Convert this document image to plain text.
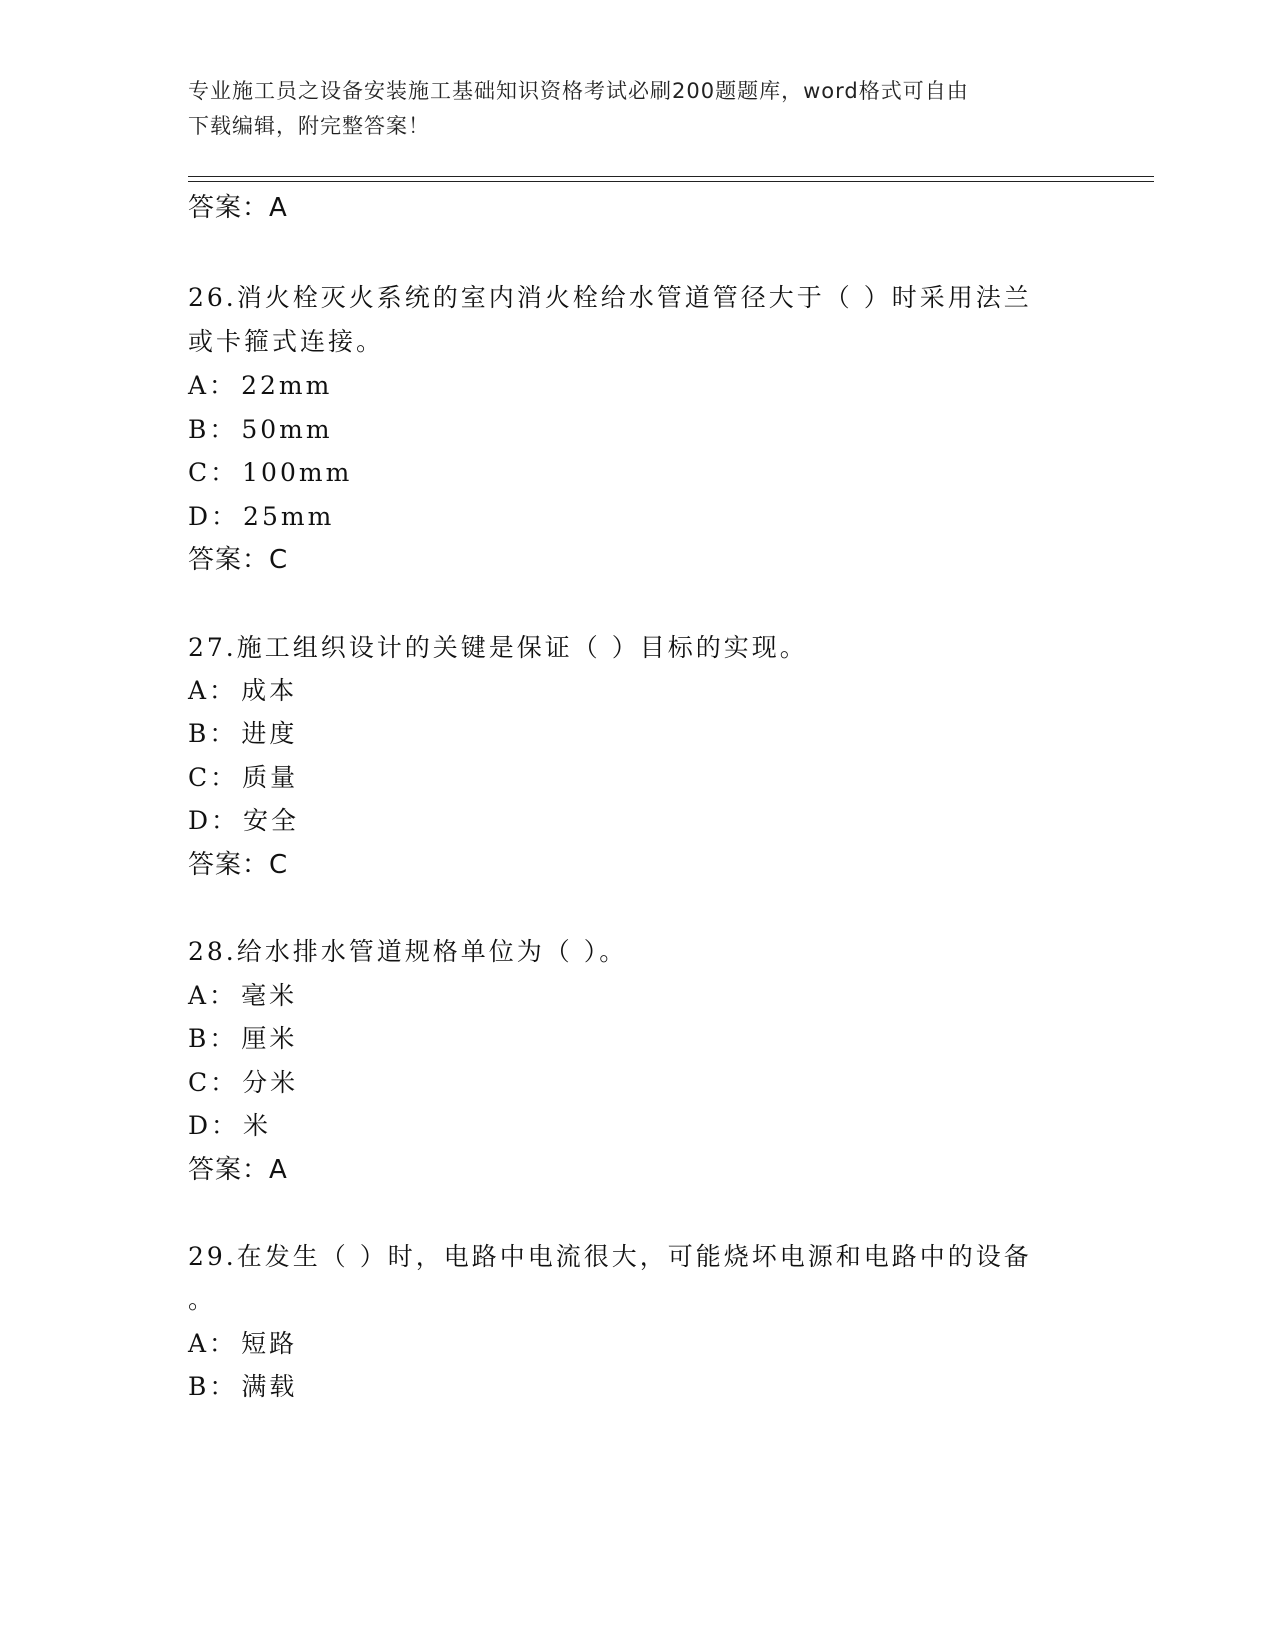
专业施工员之设备安装施工基础知识资格考试必刷200题题库，word格式可自由
下载编辑，附完整答案！
答案：A
26.消火栓灭火系统的室内消火栓给水管道管径大于（ ）时采用法兰
或卡箍式连接。
A： 22mm
B： 50mm
C： 100mm
D： 25mm
答案：C
27.施工组织设计的关键是保证（ ）目标的实现。
A： 成本
B： 进度
C： 质量
D： 安全
答案：C
28.给水排水管道规格单位为（ ）。
A： 毫米
B： 厘米
C： 分米
D： 米
答案：A
29.在发生（ ）时，电路中电流很大，可能烧坏电源和电路中的设备
。
A： 短路
B： 满载
